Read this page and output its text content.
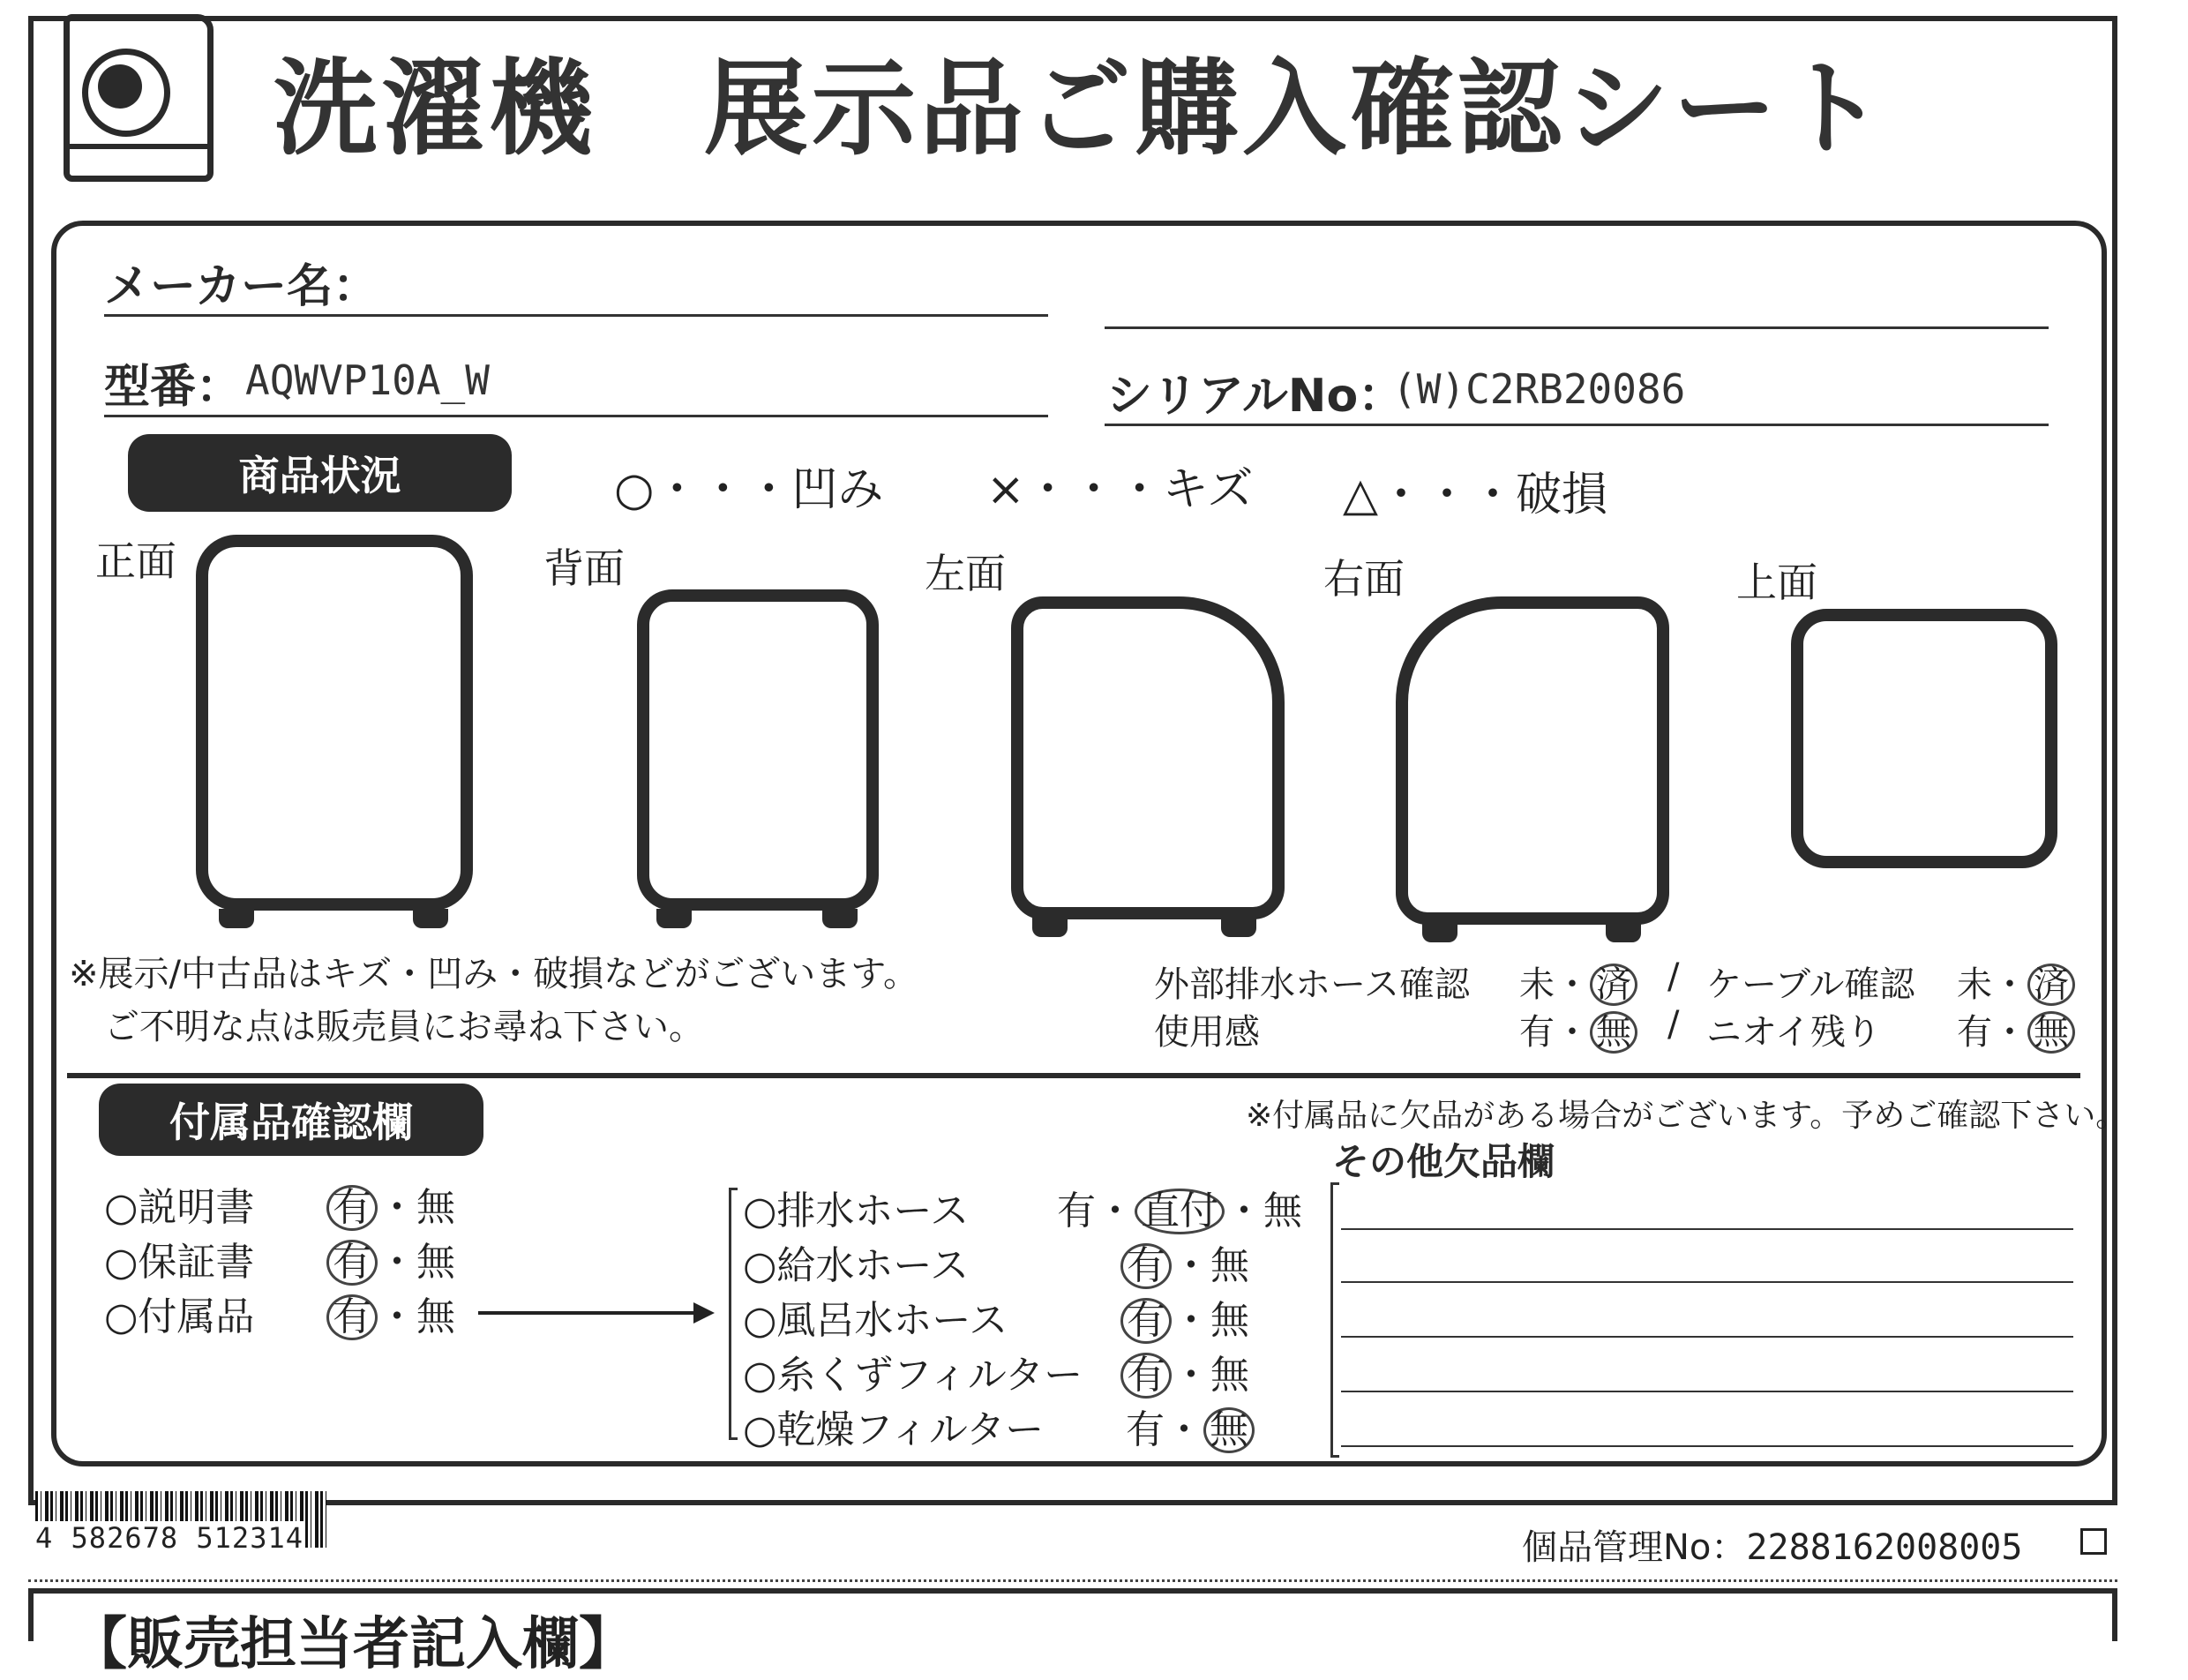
洗濯機　展示品ご購入確認シート
メーカー名：
型番： AQWVP10A_W	シリアルNo：
(W)C2RB20086
商品状況	○・・・凹み ×・・・キズ △・・・破損
正面	背面	左面	右面	上面
※展示/中古品はキズ・凹み・破損などがございます。
ご不明な点は販売員にお尋ね下さい。
外部排水ホース確認 未・ 済 / ケーブル確認 未・ 済
使用感	有・ 無 / ニオイ残り 有・ 無
付属品確認欄	※付属品に欠品がある場合がございます。予めご確認下さい。
その他欠品欄
○説明書 有 ・無
○保証書 有 ・無
○付属品 有 ・無
○排水ホース 有・ 直付 ・無
○給水ホース	有 ・無
○風呂水ホース	有 ・無
○糸くずフィルター 有 ・無
○乾燥フィルター 有・ 無
4 582678 512314	個品管理No：2288162008005
【販売担当者記入欄】
